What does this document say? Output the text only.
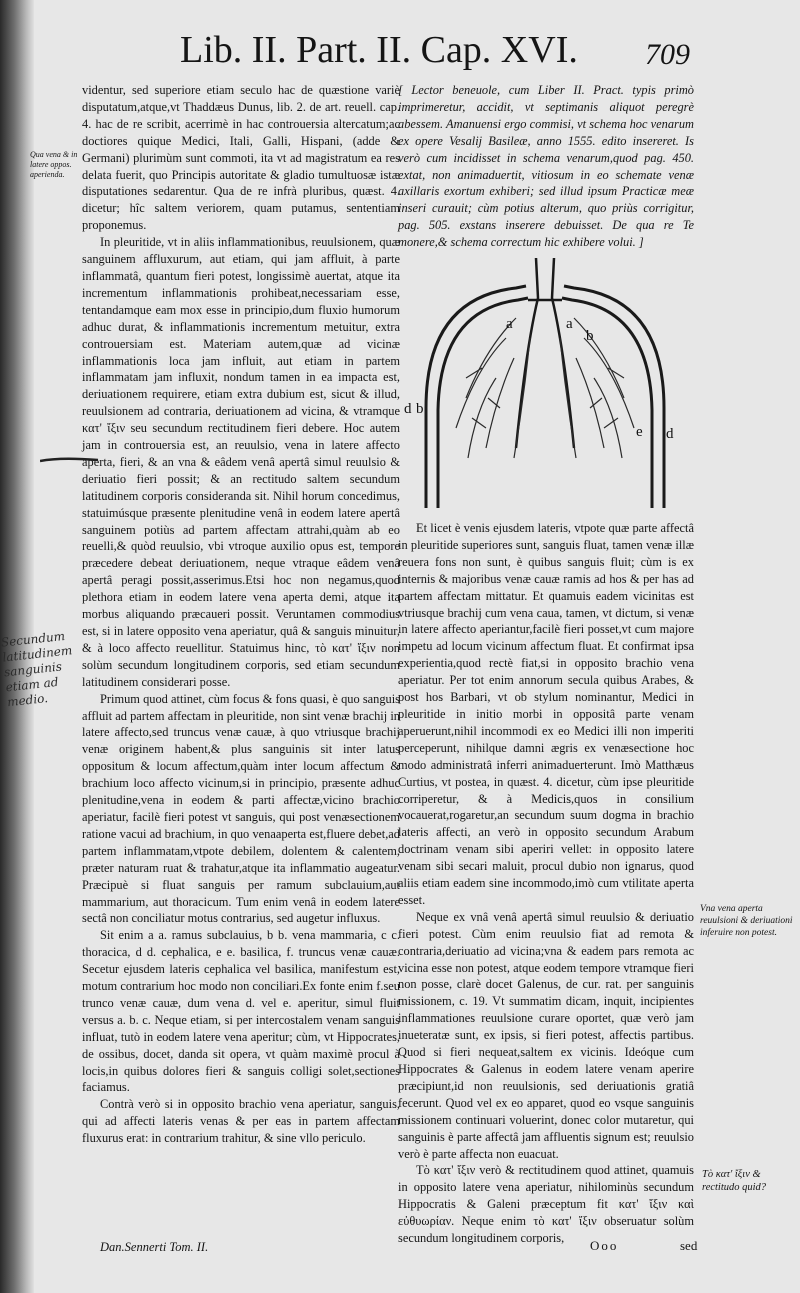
Lib. II. Part. II. Cap. XVI.	709

videntur, sed superiore etiam seculo hac de quæstione variè disputatum,atque,vt Thaddæus Dunus, lib. 2. de art. reuell. cap. 4. hac de re scribit, acerrimè in hac controuersia altercatum;ac doctiores quique Medici, Itali, Galli, Hispani, (adde & Germani) plurimùm sunt commoti, ita vt ad magistratum ea res delata fuerit, quo Principis autoritate & gladio tumultuosæ istæ disputationes sedarentur. Qua de re infrà pluribus, quæst. 4. dicetur; hîc saltem veriorem, quam putamus, sententiam proponemus.

In pleuritide, vt in aliis inflammationibus, reuulsionem, quæ sanguinem affluxurum, aut etiam, qui jam affluit, à parte inflammatâ, quantum fieri potest, longissimè auertat, atque ita incrementum inflammationis prohibeat,necessariam esse, tentandamque eam mox esse in principio,dum fluxio humorum adhuc durat, & inflammationis incrementum metuitur, extra controuersiam est. Materiam autem,quæ ad vicinæ inflammationis loca jam influit, aut etiam in partem inflammatam jam influxit, nondum tamen in ea impacta est, deriuationem requirere, etiam extra dubium est, sicut & illud, reuulsionem ad contraria, deriuationem ad vicina, & vtramque κατ' ἴξιν seu secundum rectitudinem fieri debere. Hoc autem jam in controuersia est, an reuulsio, vena in latere affecto aperta, fieri, & an vna & eâdem venâ apertâ simul reuulsio & deriuatio fieri possit; & an rectitudo saltem secundum latitudinem corporis consideranda sit. Nihil horum concedimus, statuimúsque præsente plenitudine venâ in eodem latere apertâ sanguinem potiùs ad partem affectam attrahi,quàm ab eo reuelli,& quòd reuulsio, vbi vtroque auxilio opus est, tempore præcedere debeat deriuationem, neque vtraque eâdem venâ apertâ peragi possit,asserimus.Etsi hoc non negamus,quod plethora etiam in eodem latere vena aperta demi, atque ita morbus aliquando præcaueri possit. Veruntamen commodius est, si in latere opposito vena aperiatur, quâ & sanguis minuitur, & à loco affecto reuellitur. Statuimus hinc, τὸ κατ' ἴξιν non solùm secundum longitudinem corporis, sed etiam secundum latitudinem considerari posse.

Primum quod attinet, cùm focus & fons quasi, è quo sanguis affluit ad partem affectam in pleuritide, non sint venæ brachij in latere affecto,sed truncus venæ cauæ, à quo vtriusque brachij venæ originem habent,& plus sanguinis sit inter latus oppositum & locum affectum,quàm inter locum affectum & brachium loco affecto vicinum,si in principio, præsente adhuc plenitudine,vena in eodem & parti affectæ,vicino brachio aperiatur, facilè fieri potest vt sanguis, qui post venæsectionem ratione vacui ad brachium, in quo venaaperta est,fluere debet,ad partem inflammatam,vtpote debilem, dolentem & calentem, præter naturam ruat & trahatur,atque ita inflammatio augeatur. Præcipuè si fluat sanguis per ramum subclauium,aut mammarium, aut thoracicum. Tum enim venâ in eodem latere sectâ non conciliatur motus contrarius, sed augetur influxus.

Sit enim a a. ramus subclauius, b b. vena mammaria, c c. thoracica, d d. cephalica, e e. basilica, f. truncus venæ cauæ. Secetur ejusdem lateris cephalica vel basilica, manifestum est, motum contrarium hoc modo non conciliari.Ex fonte enim f.seu trunco venæ cauæ, dum vena d. vel e. aperitur, simul fluit versus a. b. c. Neque etiam, si per intercostalem venam sanguis influat, tutò in eodem latere vena aperitur; cùm, vt Hippocrates, de ossibus, docet, danda sit opera, vt quàm maximè procul à locis,in quibus dolores fieri & sanguis colligi solet,sectiones faciamus.

Contrà verò si in opposito brachio vena aperiatur, sanguis, qui ad affecti lateris venas & per eas in partem affectam fluxurus erat: in contrarium trahitur, & sine vllo periculo.

Qua vena & in latere oppos. aperienda.
Secundum latitudinem sanguinis etiam ad medio.

[ Lector beneuole, cum Liber II. Pract. typis primò imprimeretur, accidit, vt septimanis aliquot peregrè abessem. Amanuensi ergo commisi, vt schema hoc venarum ex opere Vesalij Basileæ, anno 1555. edito insereret. Is verò cum incidisset in schema venarum,quod pag. 450. extat, non animaduertit, vitiosum in eo schemate venæ axillaris exortum exhiberi; sed illud ipsum Practicæ meæ inseri curauit; cùm potius alterum, quo priùs corrigitur, pag. 505. exstans inserere debuisset. De qua re Te monere,& schema correctum hic exhibere volui. ]

d b
a	a
b
e d

Et licet è venis ejusdem lateris, vtpote quæ parte affectâ in pleuritide superiores sunt, sanguis fluat, tamen venæ illæ reuera fons non sunt, è quibus sanguis fluit; cùm is ex internis & majoribus venæ cauæ ramis ad hos & per has ad partem affectam mittatur. Et quamuis eadem vicinitas est vtriusque brachij cum vena caua, tamen, vt dictum, si venæ in latere affecto aperiantur,facilè fieri posset,vt cum majore impetu ad locum vicinum affectum fluat. Et confirmat ipsa experientia,quod rectè fiat,si in opposito brachio vena aperiatur. Per tot enim annorum secula quibus Arabes, & post hos Barbari, vt ob stylum nominantur, Medici in pleuritide in initio morbi in oppositâ parte venam aperuerunt,nihil incommodi ex eo Medici illi non imperiti perceperunt, nihilque damni ægris ex venæsectione hoc modo administratâ inferri animaduerterunt. Imò Matthæus Curtius, vt postea, in quæst. 4. dicetur, cùm ipse pleuritide corriperetur, & à Medicis,quos in consilium vocauerat,rogaretur,an secundum suum dogma in brachio lateris affecti, an verò in opposito secundum Arabum doctrinam venam sibi aperiri vellet: in opposito latere venam sibi secari maluit, procul dubio non ignarus, quod aliis etiam eadem sine incommodo,imò cum vtilitate aperta esset.

Neque ex vnâ venâ apertâ simul reuulsio & deriuatio fieri potest. Cùm enim reuulsio fiat ad remota & contraria,deriuatio ad vicina;vna & eadem pars remota ac vicina esse non potest, atque eodem tempore vtramque fieri non posse, clarè docet Galenus, de cur. rat. per sanguinis missionem, c. 19. Vt summatim dicam, inquit, incipientes inflammationes reuulsione curare oportet, quæ verò jam inueteratæ sunt, ex ipsis, si fieri potest, affectis partibus. Quod si fieri nequeat,saltem ex vicinis. Ideóque cum Hippocrates & Galenus in eodem latere venam aperire præcipiunt,id non reuulsionis, sed deriuationis gratiâ fecerunt. Quod vel ex eo apparet, quod eo vsque sanguinis missionem continuari voluerint, donec color mutaretur, qui sanguinis è parte affectâ jam affluentis signum est; reuulsio verò è parte affecta non euacuat.

Τὸ κατ' ἴξιν verò & rectitudinem quod attinet, quamuis in opposito latere vena aperiatur, nihilominùs secundum Hippocratis & Galeni præceptum fit κατ' ἴξιν καὶ εὐθυωρίαν. Neque enim τὸ κατ' ἴξιν obseruatur solùm secundum longitudinem corporis,

Vna vena aperta reuulsioni & deriuationi inferuire non potest.
Τὸ κατ' ἴξιν & rectitudo quid?
Dan.Sennerti Tom. II.	Ooo	sed
